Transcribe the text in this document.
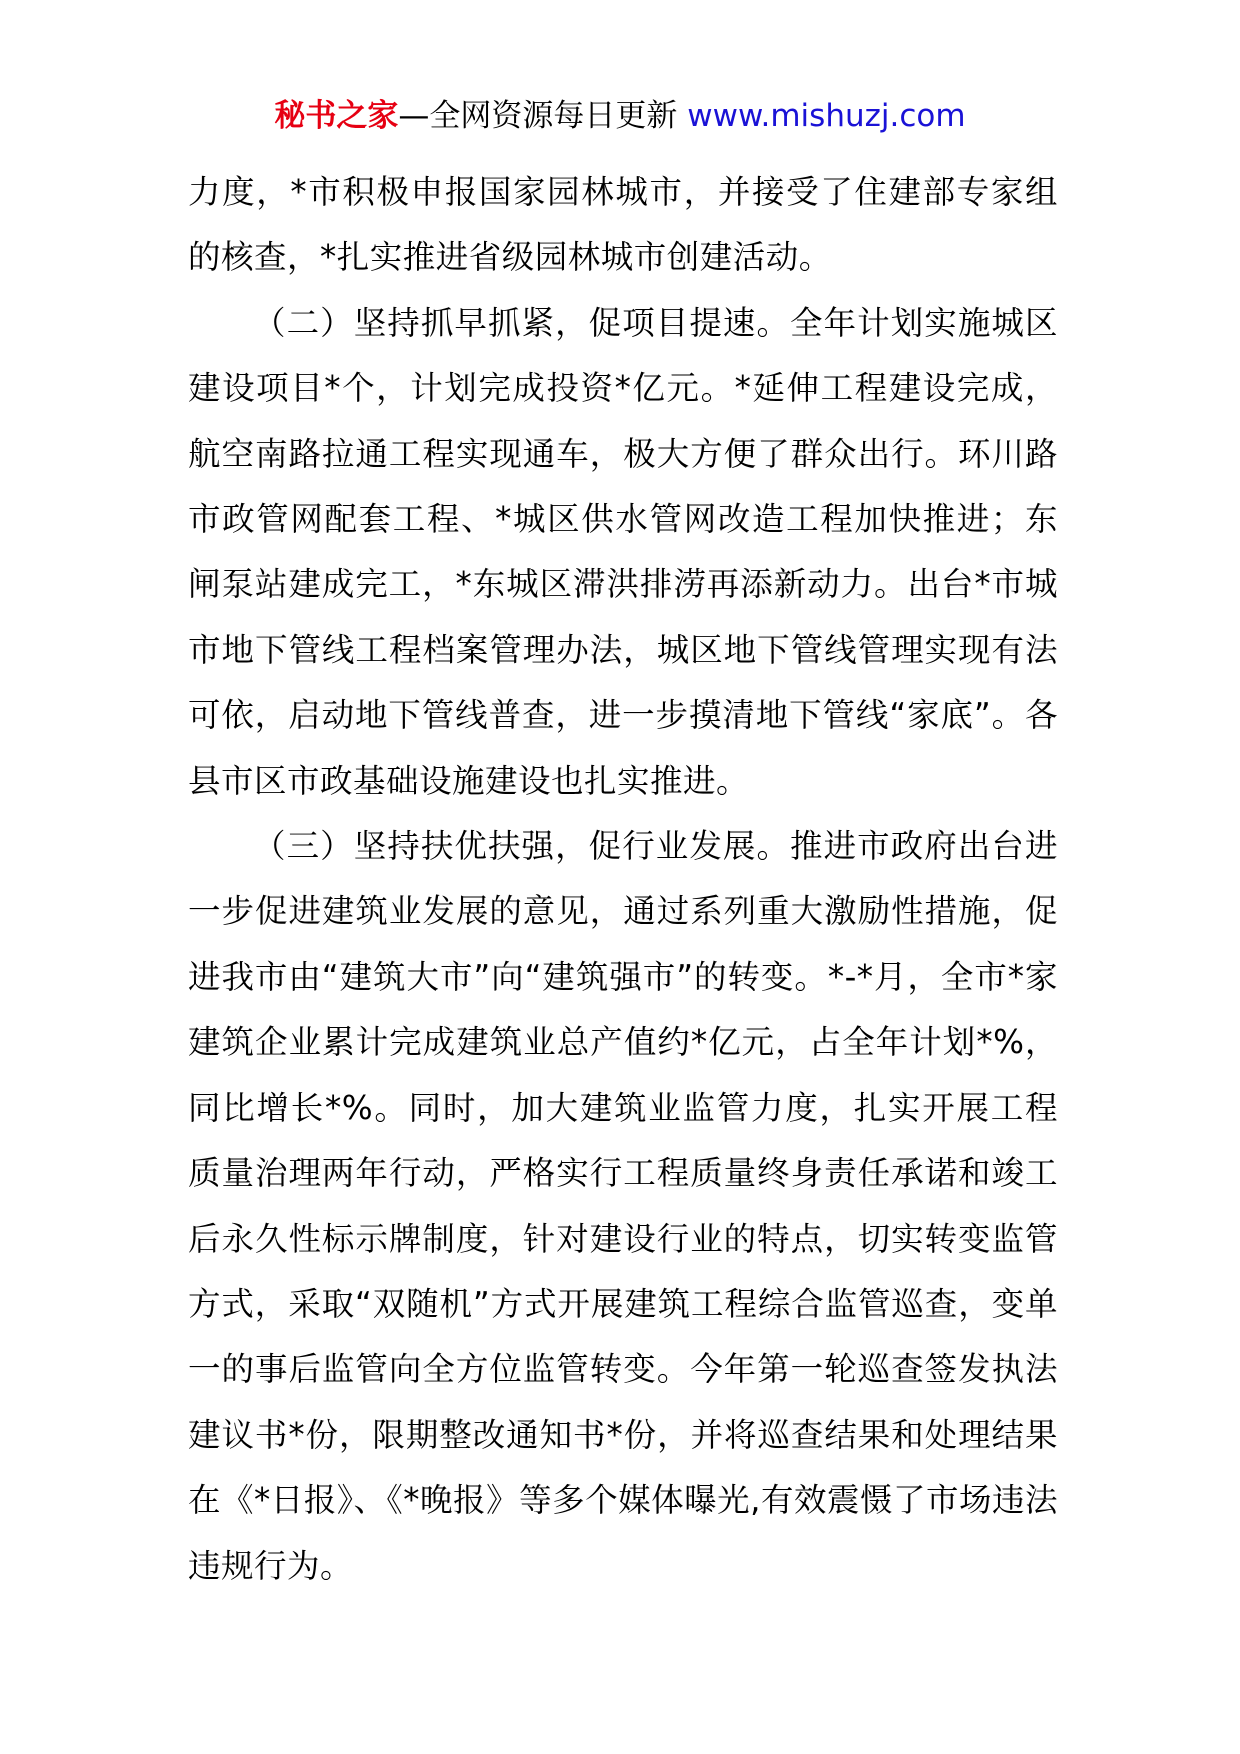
秘书之家—全网资源每日更新 www.mishuzj.com

力度，*市积极申报国家园林城市，并接受了住建部专家组的核查，*扎实推进省级园林城市创建活动。

（二）坚持抓早抓紧，促项目提速。全年计划实施城区建设项目*个，计划完成投资*亿元。*延伸工程建设完成，航空南路拉通工程实现通车，极大方便了群众出行。环川路市政管网配套工程、*城区供水管网改造工程加快推进；东闸泵站建成完工，*东城区滞洪排涝再添新动力。出台*市城市地下管线工程档案管理办法，城区地下管线管理实现有法可依，启动地下管线普查，进一步摸清地下管线“家底”。各县市区市政基础设施建设也扎实推进。

（三）坚持扶优扶强，促行业发展。推进市政府出台进一步促进建筑业发展的意见，通过系列重大激励性措施，促进我市由“建筑大市”向“建筑强市”的转变。*-*月，全市*家建筑企业累计完成建筑业总产值约*亿元，占全年计划*%，同比增长*%。同时，加大建筑业监管力度，扎实开展工程质量治理两年行动，严格实行工程质量终身责任承诺和竣工后永久性标示牌制度，针对建设行业的特点，切实转变监管方式，采取“双随机”方式开展建筑工程综合监管巡查，变单一的事后监管向全方位监管转变。今年第一轮巡查签发执法建议书*份，限期整改通知书*份，并将巡查结果和处理结果在《*日报》、《*晚报》等多个媒体曝光,有效震慑了市场违法违规行为。
